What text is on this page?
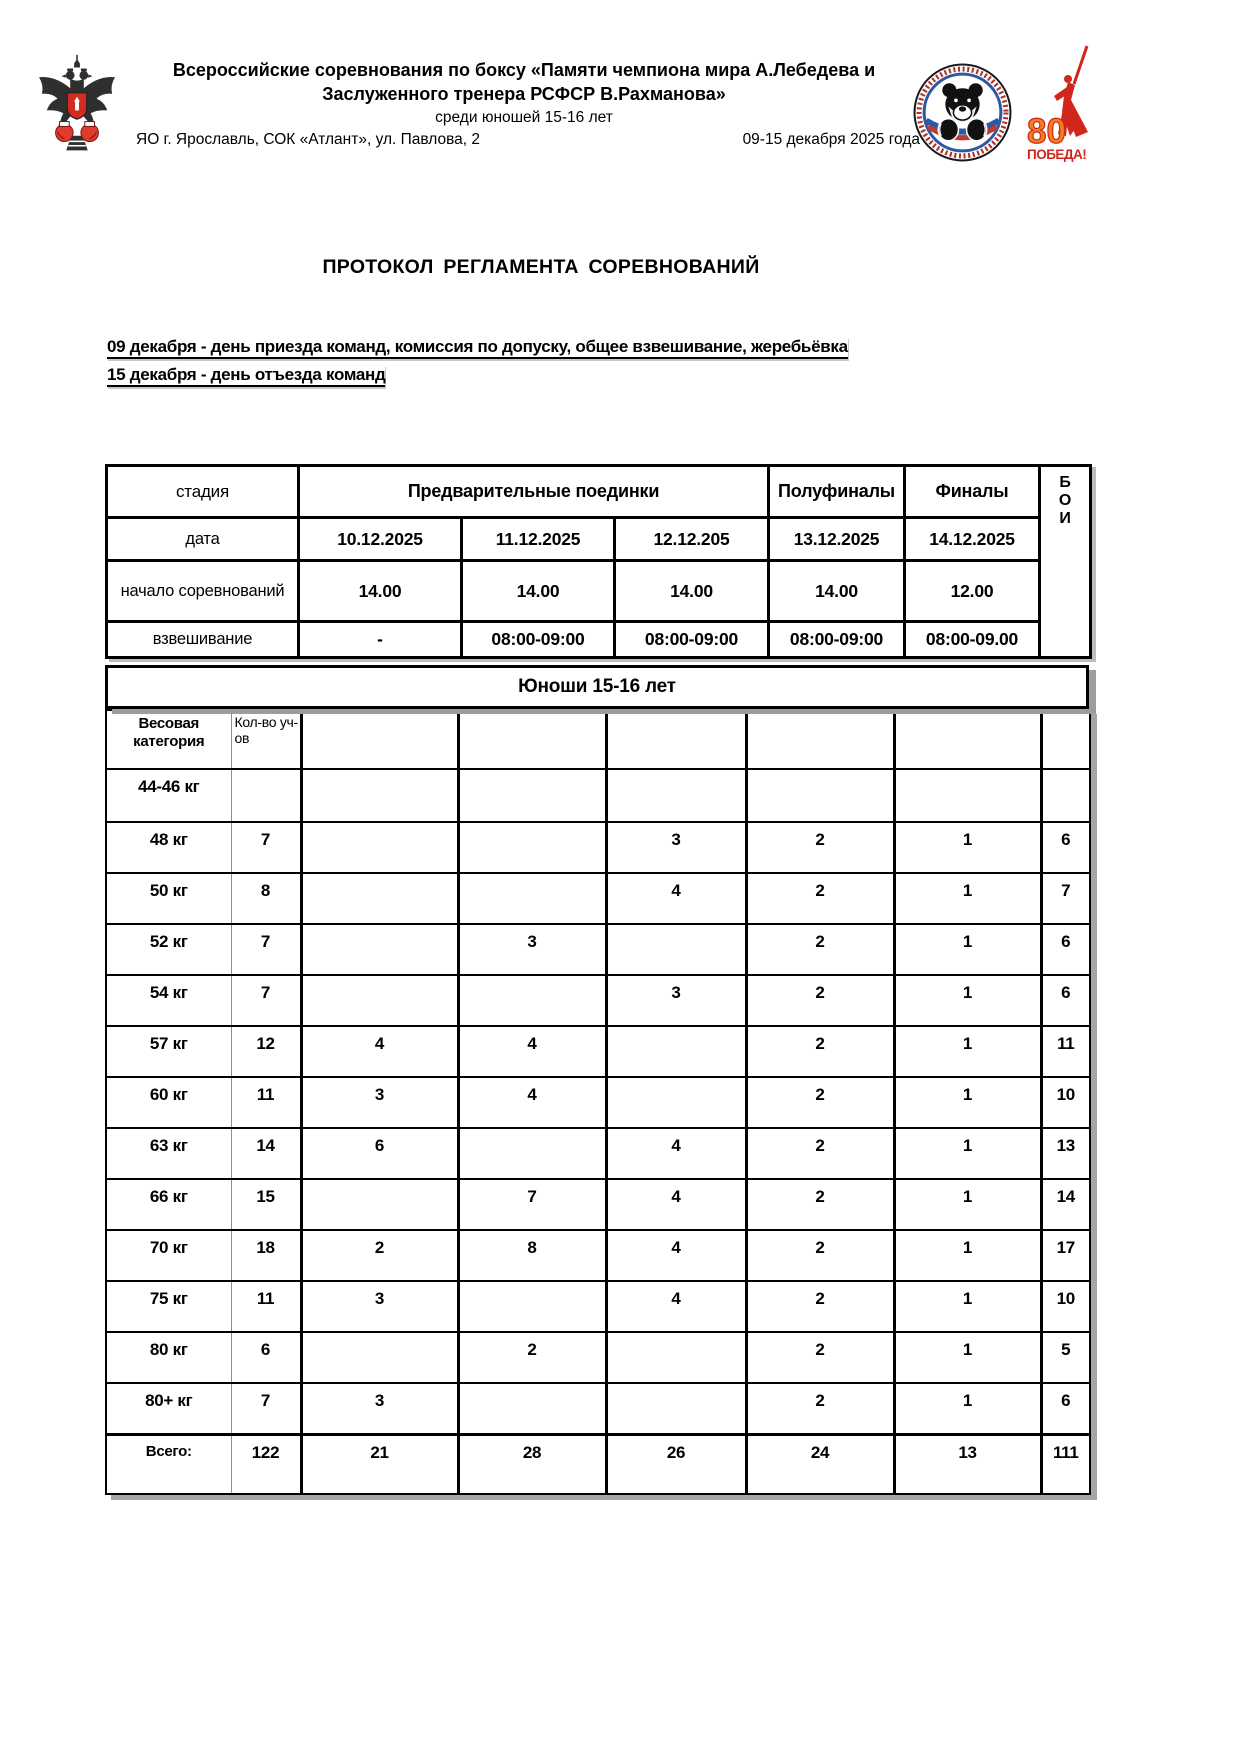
Всероссийские соревнования по боксу «Памяти чемпиона мира А.Лебедева и
Заслуженного тренера РСФСР В.Рахманова»
среди юношей 15-16 лет
ЯО г. Ярославль, СОК «Атлант», ул. Павлова, 2	09-15 декабря 2025 года	80
ПОБЕДА!
ПРОТОКОЛ РЕГЛАМЕНТА СОРЕВНОВАНИЙ
09 декабря - день приезда команд, комиссия по допуску, общее взвешивание, жеребьёвка
15 декабря - день отъезда команд
стадия	Предварительные поединки			Полуфиналы	Финалы	Б
О
И

дата	10.12.2025	11.12.2025	12.12.205	13.12.2025	14.12.2025	
начало соревнований	14.00	14.00	14.00	14.00	12.00	
взвешивание	-	08:00-09:00	08:00-09:00	08:00-09:00	08:00-09.00	
Юноши 15-16 лет
Весовая категория	Кол-во уч-ов						
44-46 кг							
48 кг	7			3	2	1	6
50 кг	8			4	2	1	7
52 кг	7		3		2	1	6
54 кг	7			3	2	1	6
57 кг	12	4	4		2	1	11
60 кг	11	3	4		2	1	10
63 кг	14	6		4	2	1	13
66 кг	15		7	4	2	1	14
70 кг	18	2	8	4	2	1	17
75 кг	11	3		4	2	1	10
80 кг	6		2		2	1	5
80+ кг	7	3			2	1	6
Всего:	122	21	28	26	24	13	111
